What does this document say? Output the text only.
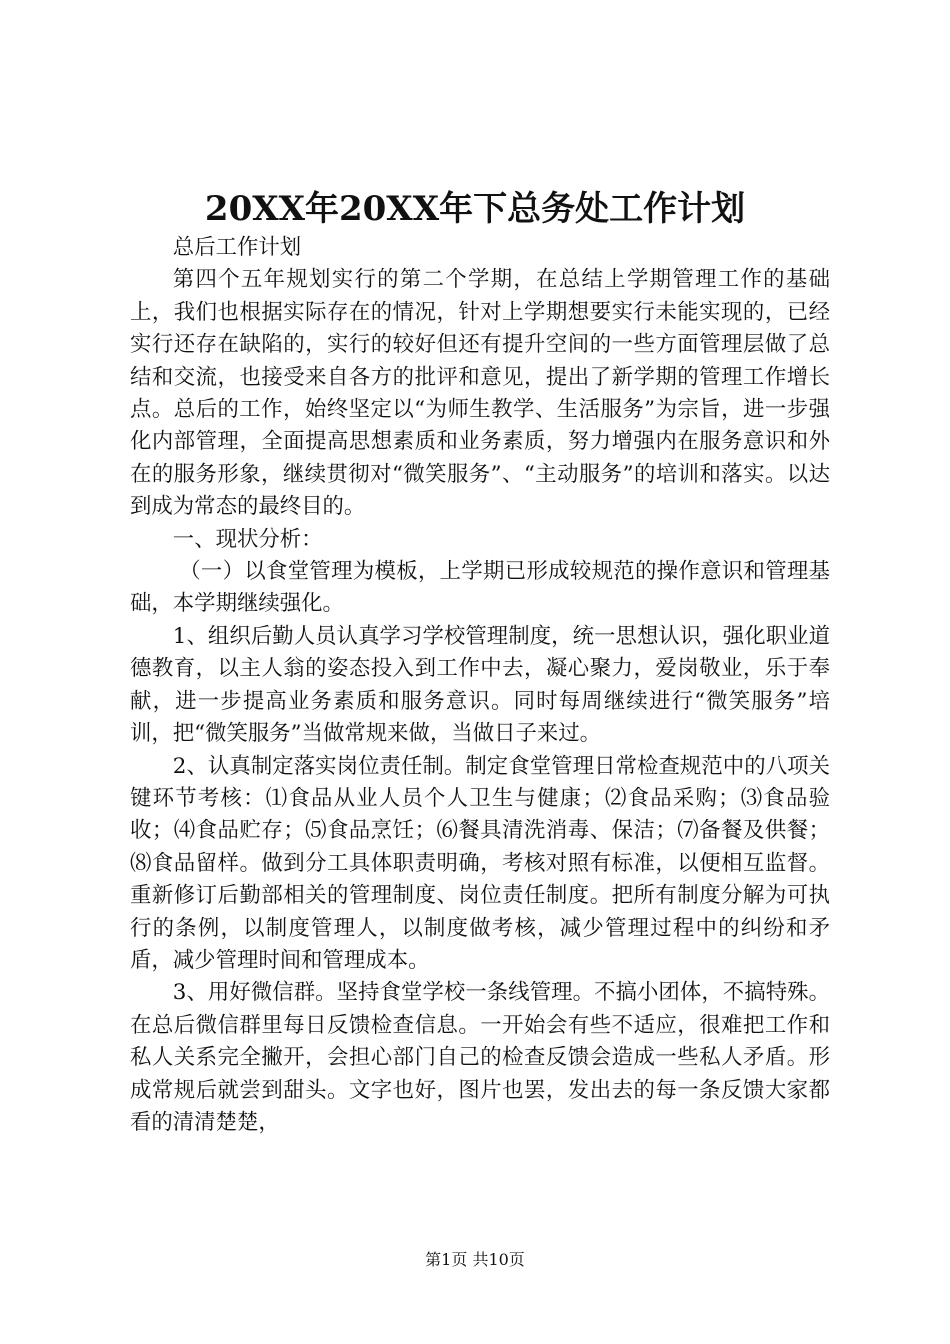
20XX年20XX年下总务处工作计划

总后工作计划

第四个五年规划实行的第二个学期，在总结上学期管理工作的基础上，我们也根据实际存在的情况，针对上学期想要实行未能实现的，已经实行还存在缺陷的，实行的较好但还有提升空间的一些方面管理层做了总结和交流，也接受来自各方的批评和意见，提出了新学期的管理工作增长点。总后的工作，始终坚定以“为师生教学、生活服务”为宗旨，进一步强化内部管理，全面提高思想素质和业务素质，努力增强内在服务意识和外在的服务形象，继续贯彻对“微笑服务”、“主动服务”的培训和落实。以达到成为常态的最终目的。

一、现状分析：

（一）以食堂管理为模板，上学期已形成较规范的操作意识和管理基础，本学期继续强化。

1、组织后勤人员认真学习学校管理制度，统一思想认识，强化职业道德教育，以主人翁的姿态投入到工作中去，凝心聚力，爱岗敬业，乐于奉献，进一步提高业务素质和服务意识。同时每周继续进行“微笑服务”培训，把“微笑服务”当做常规来做，当做日子来过。

2、认真制定落实岗位责任制。制定食堂管理日常检查规范中的八项关键环节考核：⑴食品从业人员个人卫生与健康；⑵食品采购；⑶食品验收；⑷食品贮存；⑸食品烹饪；⑹餐具清洗消毒、保洁；⑺备餐及供餐；⑻食品留样。做到分工具体职责明确，考核对照有标准，以便相互监督。重新修订后勤部相关的管理制度、岗位责任制度。把所有制度分解为可执行的条例，以制度管理人，以制度做考核，减少管理过程中的纠纷和矛盾，减少管理时间和管理成本。

3、用好微信群。坚持食堂学校一条线管理。不搞小团体，不搞特殊。在总后微信群里每日反馈检查信息。一开始会有些不适应，很难把工作和私人关系完全撇开，会担心部门自己的检查反馈会造成一些私人矛盾。形成常规后就尝到甜头。文字也好，图片也罢，发出去的每一条反馈大家都看的清清楚楚，

第1页 共10页
